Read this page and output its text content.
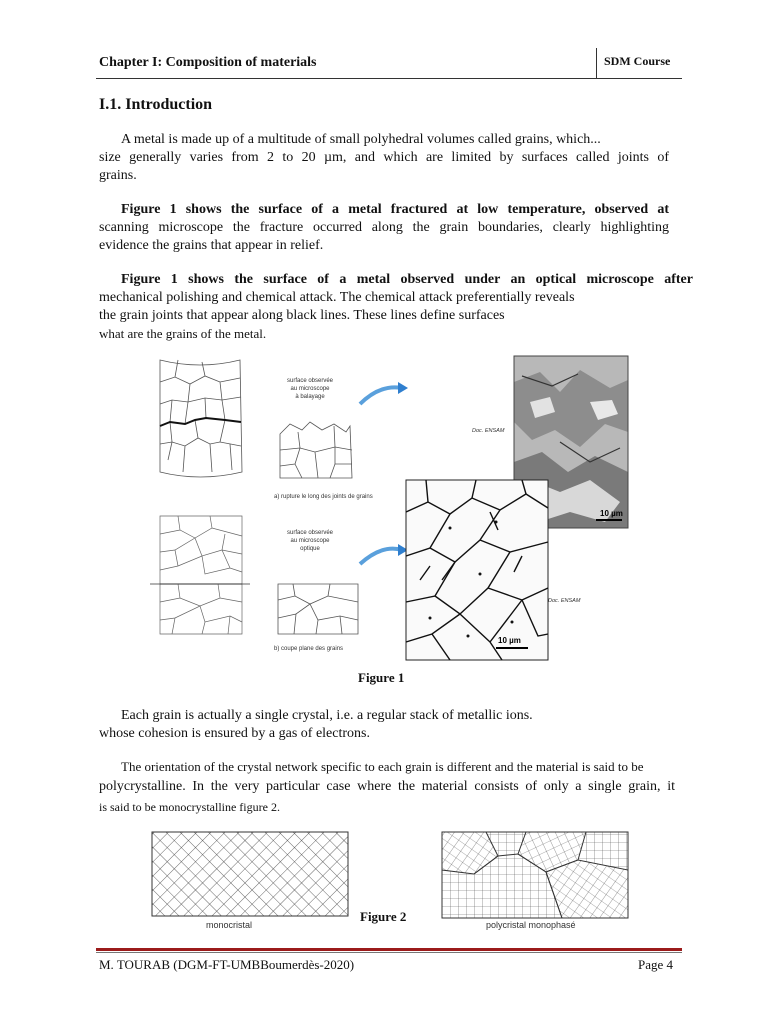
Chapter I: Composition of materials	SDM Course
I.1. Introduction
A metal is made up of a multitude of small polyhedral volumes called grains, which...
size generally varies from 2 to 20 µm, and which are limited by surfaces called joints of
grains.
Figure 1 shows the surface of a metal fractured at low temperature, observed at
scanning microscope the fracture occurred along the grain boundaries, clearly highlighting
evidence the grains that appear in relief.
Figure 1 shows the surface of a metal observed under an optical microscope after
mechanical polishing and chemical attack. The chemical attack preferentially reveals
the grain joints that appear along black lines. These lines define surfaces
what are the grains of the metal.
surface observée
au microscope
à balayage
a) rupture le long des joints de grains
Doc. ENSAM
10 µm
surface observée
au microscope
optique
b) coupe plane des grains
Doc. ENSAM
10 µm
Figure 1
Each grain is actually a single crystal, i.e. a regular stack of metallic ions.
whose cohesion is ensured by a gas of electrons.
The orientation of the crystal network specific to each grain is different and the material is said to be
polycrystalline. In the very particular case where the material consists of only a single grain, it
is said to be monocrystalline figure 2.
monocristal	polycristal monophasé
Figure 2
M. TOURAB (DGM-FT-UMBBoumerdès-2020)	Page 4
